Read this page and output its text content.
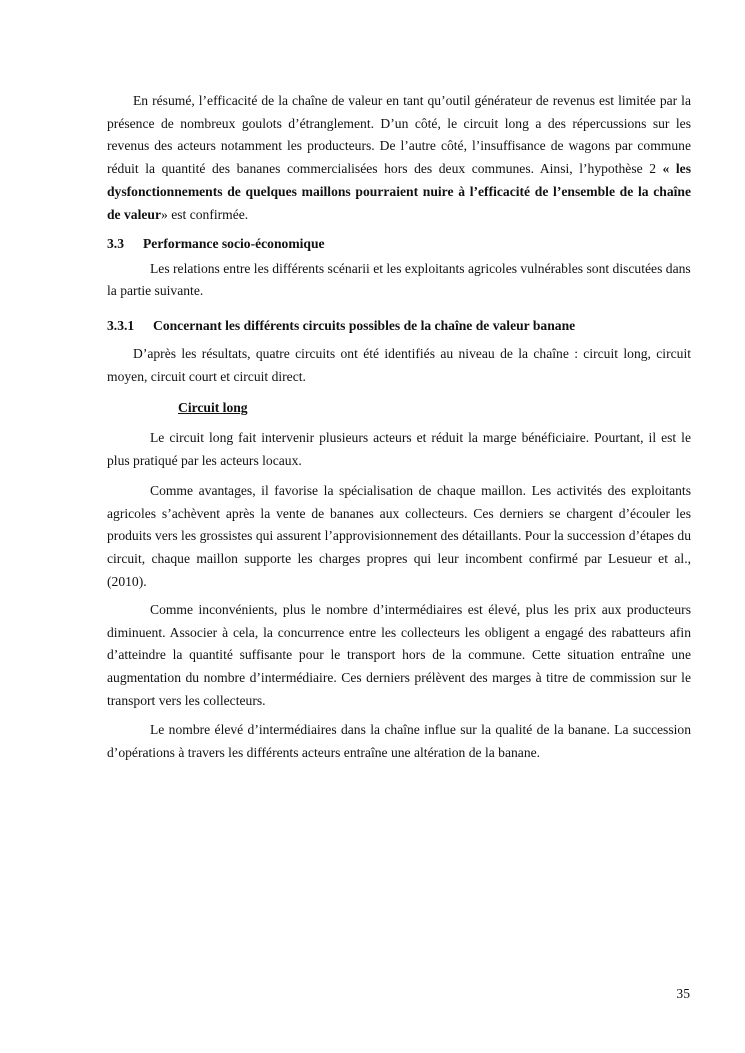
En résumé, l’efficacité de la chaîne de valeur en tant qu’outil générateur de revenus est limitée par la présence de nombreux goulots d’étranglement. D’un côté, le circuit long a des répercussions sur les revenus des acteurs notamment les producteurs. De l’autre côté, l’insuffisance de wagons par commune réduit la quantité des bananes commercialisées hors des deux communes. Ainsi, l’hypothèse 2 « les dysfonctionnements de quelques maillons pourraient nuire à l’efficacité de l’ensemble de la chaîne de valeur» est confirmée.

3.3 Performance socio-économique

Les relations entre les différents scénarii et les exploitants agricoles vulnérables sont discutées dans la partie suivante.

3.3.1 Concernant les différents circuits possibles de la chaîne de valeur banane

D’après les résultats, quatre circuits ont été identifiés au niveau de la chaîne : circuit long, circuit moyen, circuit court et circuit direct.

Circuit long

Le circuit long fait intervenir plusieurs acteurs et réduit la marge bénéficiaire. Pourtant, il est le plus pratiqué par les acteurs locaux.

Comme avantages, il favorise la spécialisation de chaque maillon. Les activités des exploitants agricoles s’achèvent après la vente de bananes aux collecteurs. Ces derniers se chargent d’écouler les produits vers les grossistes qui assurent l’approvisionnement des détaillants. Pour la succession d’étapes du circuit, chaque maillon supporte les charges propres qui leur incombent confirmé par Lesueur et al., (2010).

Comme inconvénients, plus le nombre d’intermédiaires est élevé, plus les prix aux producteurs diminuent. Associer à cela, la concurrence entre les collecteurs les obligent a engagé des rabatteurs afin d’atteindre la quantité suffisante pour le transport hors de la commune. Cette situation entraîne une augmentation du nombre d’intermédiaire. Ces derniers prélèvent des marges à titre de commission sur le transport vers les collecteurs.

Le nombre élevé d’intermédiaires dans la chaîne influe sur la qualité de la banane. La succession d’opérations à travers les différents acteurs entraîne une altération de la banane.

35
